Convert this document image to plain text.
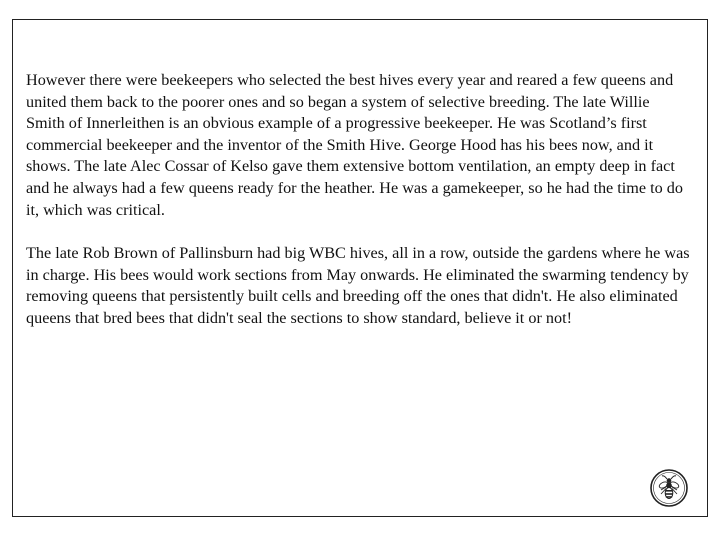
However there were beekeepers who selected the best hives every year and reared a few queens and united them back to the poorer ones and so began a system of selective breeding. The late Willie Smith of Innerleithen is an obvious example of a progressive beekeeper. He was Scotland’s first commercial beekeeper and the inventor of the Smith Hive. George Hood has his bees now, and it shows. The late Alec Cossar of Kelso gave them extensive bottom ventilation, an empty deep in fact and he always had a few queens ready for the heather. He was a gamekeeper, so he had the time to do it, which was critical.

The late Rob Brown of Pallinsburn had big WBC hives, all in a row, outside the gardens where he was in charge. His bees would work sections from May onwards. He eliminated the swarming tendency by removing queens that persistently built cells and breeding off the ones that didn't. He also eliminated queens that bred bees that didn't seal the sections to show standard, believe it or not!
